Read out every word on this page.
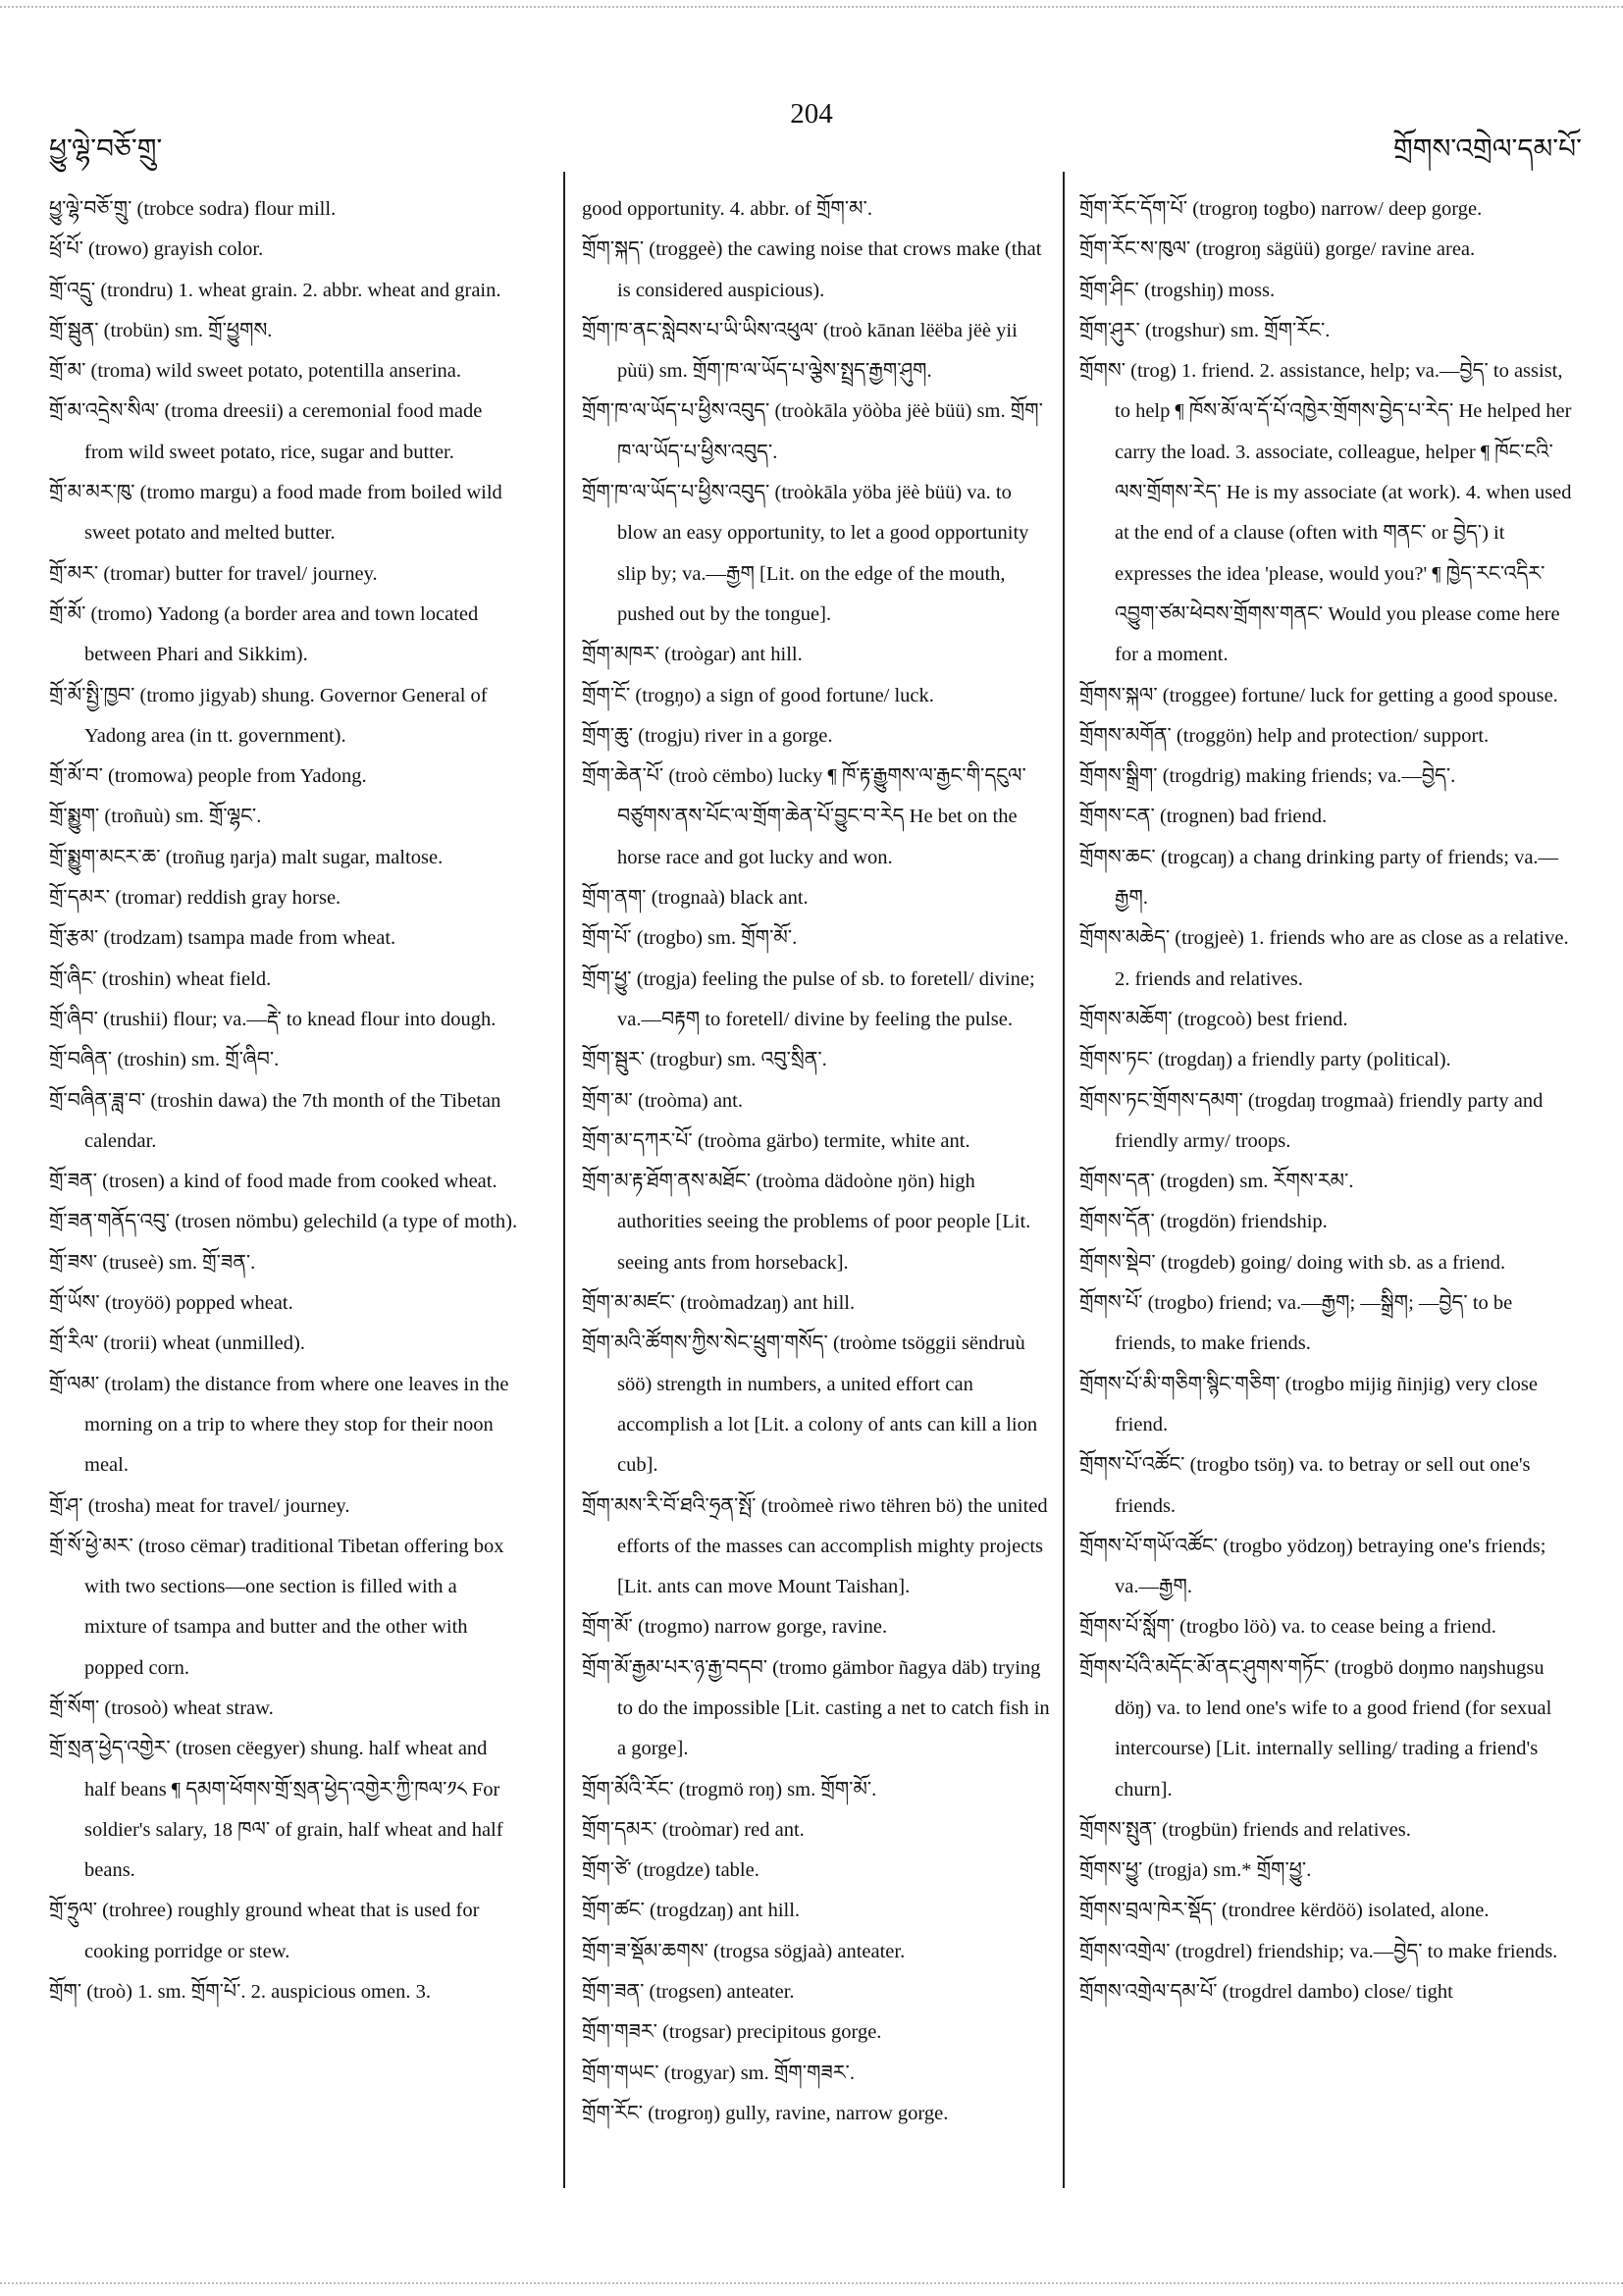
ཕྱུ་ལྷེ་བཅོ་གྲུ་
204
གྲོགས་འགྲེལ་དམ་པོ་

ཕྱུ་ལྷེ་བཅོ་གྲུ་ (trobce sodra) flour mill.

ཕྲོ་པོ་ (trowo) grayish color.

གྲོ་འདྲུ་ (trondru) 1. wheat grain. 2. abbr. wheat and grain.

གྲོ་སྦུན་ (trobün) sm. གྲོ་ཕྱུགས.

གྲོ་མ་ (troma) wild sweet potato, potentilla anserina.

གྲོ་མ་འདྲེས་སིལ་ (troma dreesii) a ceremonial food made from wild sweet potato, rice, sugar and butter.

གྲོ་མ་མར་ཁུ་ (tromo margu) a food made from boiled wild sweet potato and melted butter.

གྲོ་མར་ (tromar) butter for travel/ journey.

གྲོ་མོ་ (tromo) Yadong (a border area and town located between Phari and Sikkim).

གྲོ་མོ་སྤྱི་ཁྱབ་ (tromo jigyab) shung. Governor General of Yadong area (in tt. government).

གྲོ་མོ་བ་ (tromowa) people from Yadong.

གྲོ་སྨྱུག་ (troñuù) sm. གྲོ་ལྷང་.

གྲོ་སྨྱུག་མངར་ཆ་ (troñug ŋarja) malt sugar, maltose.

གྲོ་དམར་ (tromar) reddish gray horse.

གྲོ་རྩམ་ (trodzam) tsampa made from wheat.

གྲོ་ཞིང་ (troshin) wheat field.

གྲོ་ཞིབ་ (trushii) flour; va.—རྡེ་ to knead flour into dough.

གྲོ་བཞིན་ (troshin) sm. གྲོ་ཞིབ་.

གྲོ་བཞིན་ཟླ་བ་ (troshin dawa) the 7th month of the Tibetan calendar.

གྲོ་ཟན་ (trosen) a kind of food made from cooked wheat.

གྲོ་ཟན་གནོད་འབུ་ (trosen nömbu) gelechild (a type of moth).

གྲོ་ཟས་ (truseè) sm. གྲོ་ཟན་.

གྲོ་ཡོས་ (troyöö) popped wheat.

གྲོ་རིལ་ (trorii) wheat (unmilled).

གྲོ་ལམ་ (trolam) the distance from where one leaves in the morning on a trip to where they stop for their noon meal.

གྲོ་ཤ་ (trosha) meat for travel/ journey.

གྲོ་སོ་ཕྱེ་མར་ (troso cëmar) traditional Tibetan offering box with two sections—one section is filled with a mixture of tsampa and butter and the other with popped corn.

གྲོ་སོག་ (trosoò) wheat straw.

གྲོ་སྲན་ཕྱེད་འགྱེར་ (trosen cëegyer) shung. half wheat and half beans ¶ དམག་ཕོགས་གྲོ་སྲན་ཕྱེད་འགྱེར་ཀྱི་ཁལ་༡༨ For soldier's salary, 18 ཁལ་ of grain, half wheat and half beans.

གྲོ་ཧྲུལ་ (trohree) roughly ground wheat that is used for cooking porridge or stew.

གྲོག་ (troò) 1. sm. གྲོག་པོ་. 2. auspicious omen. 3.

good opportunity. 4. abbr. of གྲོག་མ་.

གྲོག་སྐད་ (troggeè) the cawing noise that crows make (that is considered auspicious).

གྲོག་ཁ་ནང་སླེབས་པ་ཡི་ཡིས་འཕུལ་ (troò kānan lëëba jëè yii pùü) sm. གྲོག་ཁ་ལ་ཡོད་པ་ལྕེས་སྤྲད་རྒྱག་ཤུག.

གྲོག་ཁ་ལ་ཡོད་པ་ཕྱིས་འབུད་ (troòkāla yöòba jëè büü) sm. གྲོག་ཁ་ལ་ཡོད་པ་ཕྱིས་འབུད་.

གྲོག་ཁ་ལ་ཡོད་པ་ཕྱིས་འབུད་ (troòkāla yöba jëè büü) va. to blow an easy opportunity, to let a good opportunity slip by; va.—རྒྱག [Lit. on the edge of the mouth, pushed out by the tongue].

གྲོག་མཁར་ (troògar) ant hill.

གྲོག་ངོ་ (trogŋo) a sign of good fortune/ luck.

གྲོག་ཆུ་ (trogju) river in a gorge.

གྲོག་ཆེན་པོ་ (troò cëmbo) lucky ¶ ཁོ་རྟ་རྒྱུགས་ལ་རྒྱང་གི་དངུལ་བཙུགས་ནས་པོང་ལ་གྲོག་ཆེན་པོ་བྱུང་བ་རེད He bet on the horse race and got lucky and won.

གྲོག་ནག་ (trognaà) black ant.

གྲོག་པོ་ (trogbo) sm. གྲོག་མོ་.

གྲོག་ཕྱུ་ (trogja) feeling the pulse of sb. to foretell/ divine; va.—བརྟག to foretell/ divine by feeling the pulse.

གྲོག་སྦུར་ (trogbur) sm. འབུ་སྲིན་.

གྲོག་མ་ (troòma) ant.

གྲོག་མ་དཀར་པོ་ (troòma gärbo) termite, white ant.

གྲོག་མ་རྟ་ཐོག་ནས་མཐོང་ (troòma dädoòne ŋön) high authorities seeing the problems of poor people [Lit. seeing ants from horseback].

གྲོག་མ་མཛང་ (troòmadzaŋ) ant hill.

གྲོག་མའི་ཚོགས་ཀྱིས་སེང་ཕྲུག་གསོད་ (troòme tsöggii sëndruù söö) strength in numbers, a united effort can accomplish a lot [Lit. a colony of ants can kill a lion cub].

གྲོག་མས་རི་བོ་ཐའི་ཧྲན་སྤོ་ (troòmeè riwo tëhren bö) the united efforts of the masses can accomplish mighty projects [Lit. ants can move Mount Taishan].

གྲོག་མོ་ (trogmo) narrow gorge, ravine.

གྲོག་མོ་རྒྱམ་པར་ཉ་རྒྱ་བདབ་ (tromo gämbor ñagya däb) trying to do the impossible [Lit. casting a net to catch fish in a gorge].

གྲོག་མོའི་རོང་ (trogmö roŋ) sm. གྲོག་མོ་.

གྲོག་དམར་ (troòmar) red ant.

གྲོག་ཙེ་ (trogdze) table.

གྲོག་ཚང་ (trogdzaŋ) ant hill.

གྲོག་ཟ་སྡོམ་ཆགས་ (trogsa sögjaà) anteater.

གྲོག་ཟན་ (trogsen) anteater.

གྲོག་གཟར་ (trogsar) precipitous gorge.

གྲོག་གཡང་ (trogyar) sm. གྲོག་གཟར་.

གྲོག་རོང་ (trogroŋ) gully, ravine, narrow gorge.

གྲོག་རོང་དོག་པོ་ (trogroŋ togbo) narrow/ deep gorge.

གྲོག་རོང་ས་ཁུལ་ (trogroŋ sägüü) gorge/ ravine area.

གྲོག་ཤིང་ (trogshiŋ) moss.

གྲོག་ཤུར་ (trogshur) sm. གྲོག་རོང་.

གྲོགས་ (trog) 1. friend. 2. assistance, help; va.—བྱེད་ to assist, to help ¶ ཁོས་མོ་ལ་དོ་པོ་འཁྱེར་གྲོགས་བྱེད་པ་རེད་ He helped her carry the load. 3. associate, colleague, helper ¶ ཁོང་ངའི་ལས་གྲོགས་རེད་ He is my associate (at work). 4. when used at the end of a clause (often with གནང་ or བྱེད་) it expresses the idea 'please, would you?' ¶ ཁྱེད་རང་འདིར་འབྱུག་ཙམ་ཕེབས་གྲོགས་གནང་ Would you please come here for a moment.

གྲོགས་སྐལ་ (troggee) fortune/ luck for getting a good spouse.

གྲོགས་མགོན་ (troggön) help and protection/ support.

གྲོགས་སྒྲིག་ (trogdrig) making friends; va.—བྱེད་.

གྲོགས་ངན་ (trognen) bad friend.

གྲོགས་ཆང་ (trogcaŋ) a chang drinking party of friends; va.—རྒྱག.

གྲོགས་མཆེད་ (trogjeè) 1. friends who are as close as a relative. 2. friends and relatives.

གྲོགས་མཆོག་ (trogcoò) best friend.

གྲོགས་ཏང་ (trogdaŋ) a friendly party (political).

གྲོགས་ཏང་གྲོགས་དམག་ (trogdaŋ trogmaà) friendly party and friendly army/ troops.

གྲོགས་དན་ (trogden) sm. རོགས་རམ་.

གྲོགས་དོན་ (trogdön) friendship.

གྲོགས་སྡེབ་ (trogdeb) going/ doing with sb. as a friend.

གྲོགས་པོ་ (trogbo) friend; va.—རྒྱག; —སྒྲིག; —བྱེད་ to be friends, to make friends.

གྲོགས་པོ་མི་གཅིག་སྙིང་གཅིག་ (trogbo mijig ñinjig) very close friend.

གྲོགས་པོ་འཚོང་ (trogbo tsöŋ) va. to betray or sell out one's friends.

གྲོགས་པོ་གཡོ་འཚོང་ (trogbo yödzoŋ) betraying one's friends; va.—རྒྱག.

གྲོགས་པོ་སློག་ (trogbo löò) va. to cease being a friend.

གྲོགས་པོའི་མདོང་མོ་ནང་ཤུགས་གཏོང་ (trogbö doŋmo naŋshugsu döŋ) va. to lend one's wife to a good friend (for sexual intercourse) [Lit. internally selling/ trading a friend's churn].

གྲོགས་སྤུན་ (trogbün) friends and relatives.

གྲོགས་ཕྱུ་ (trogja) sm.* གྲོག་ཕྱུ་.

གྲོགས་བྲལ་ཁེར་སྡོད་ (trondree kërdöö) isolated, alone.

གྲོགས་འགྲེལ་ (trogdrel) friendship; va.—བྱེད་ to make friends.

གྲོགས་འགྲེལ་དམ་པོ་ (trogdrel dambo) close/ tight
